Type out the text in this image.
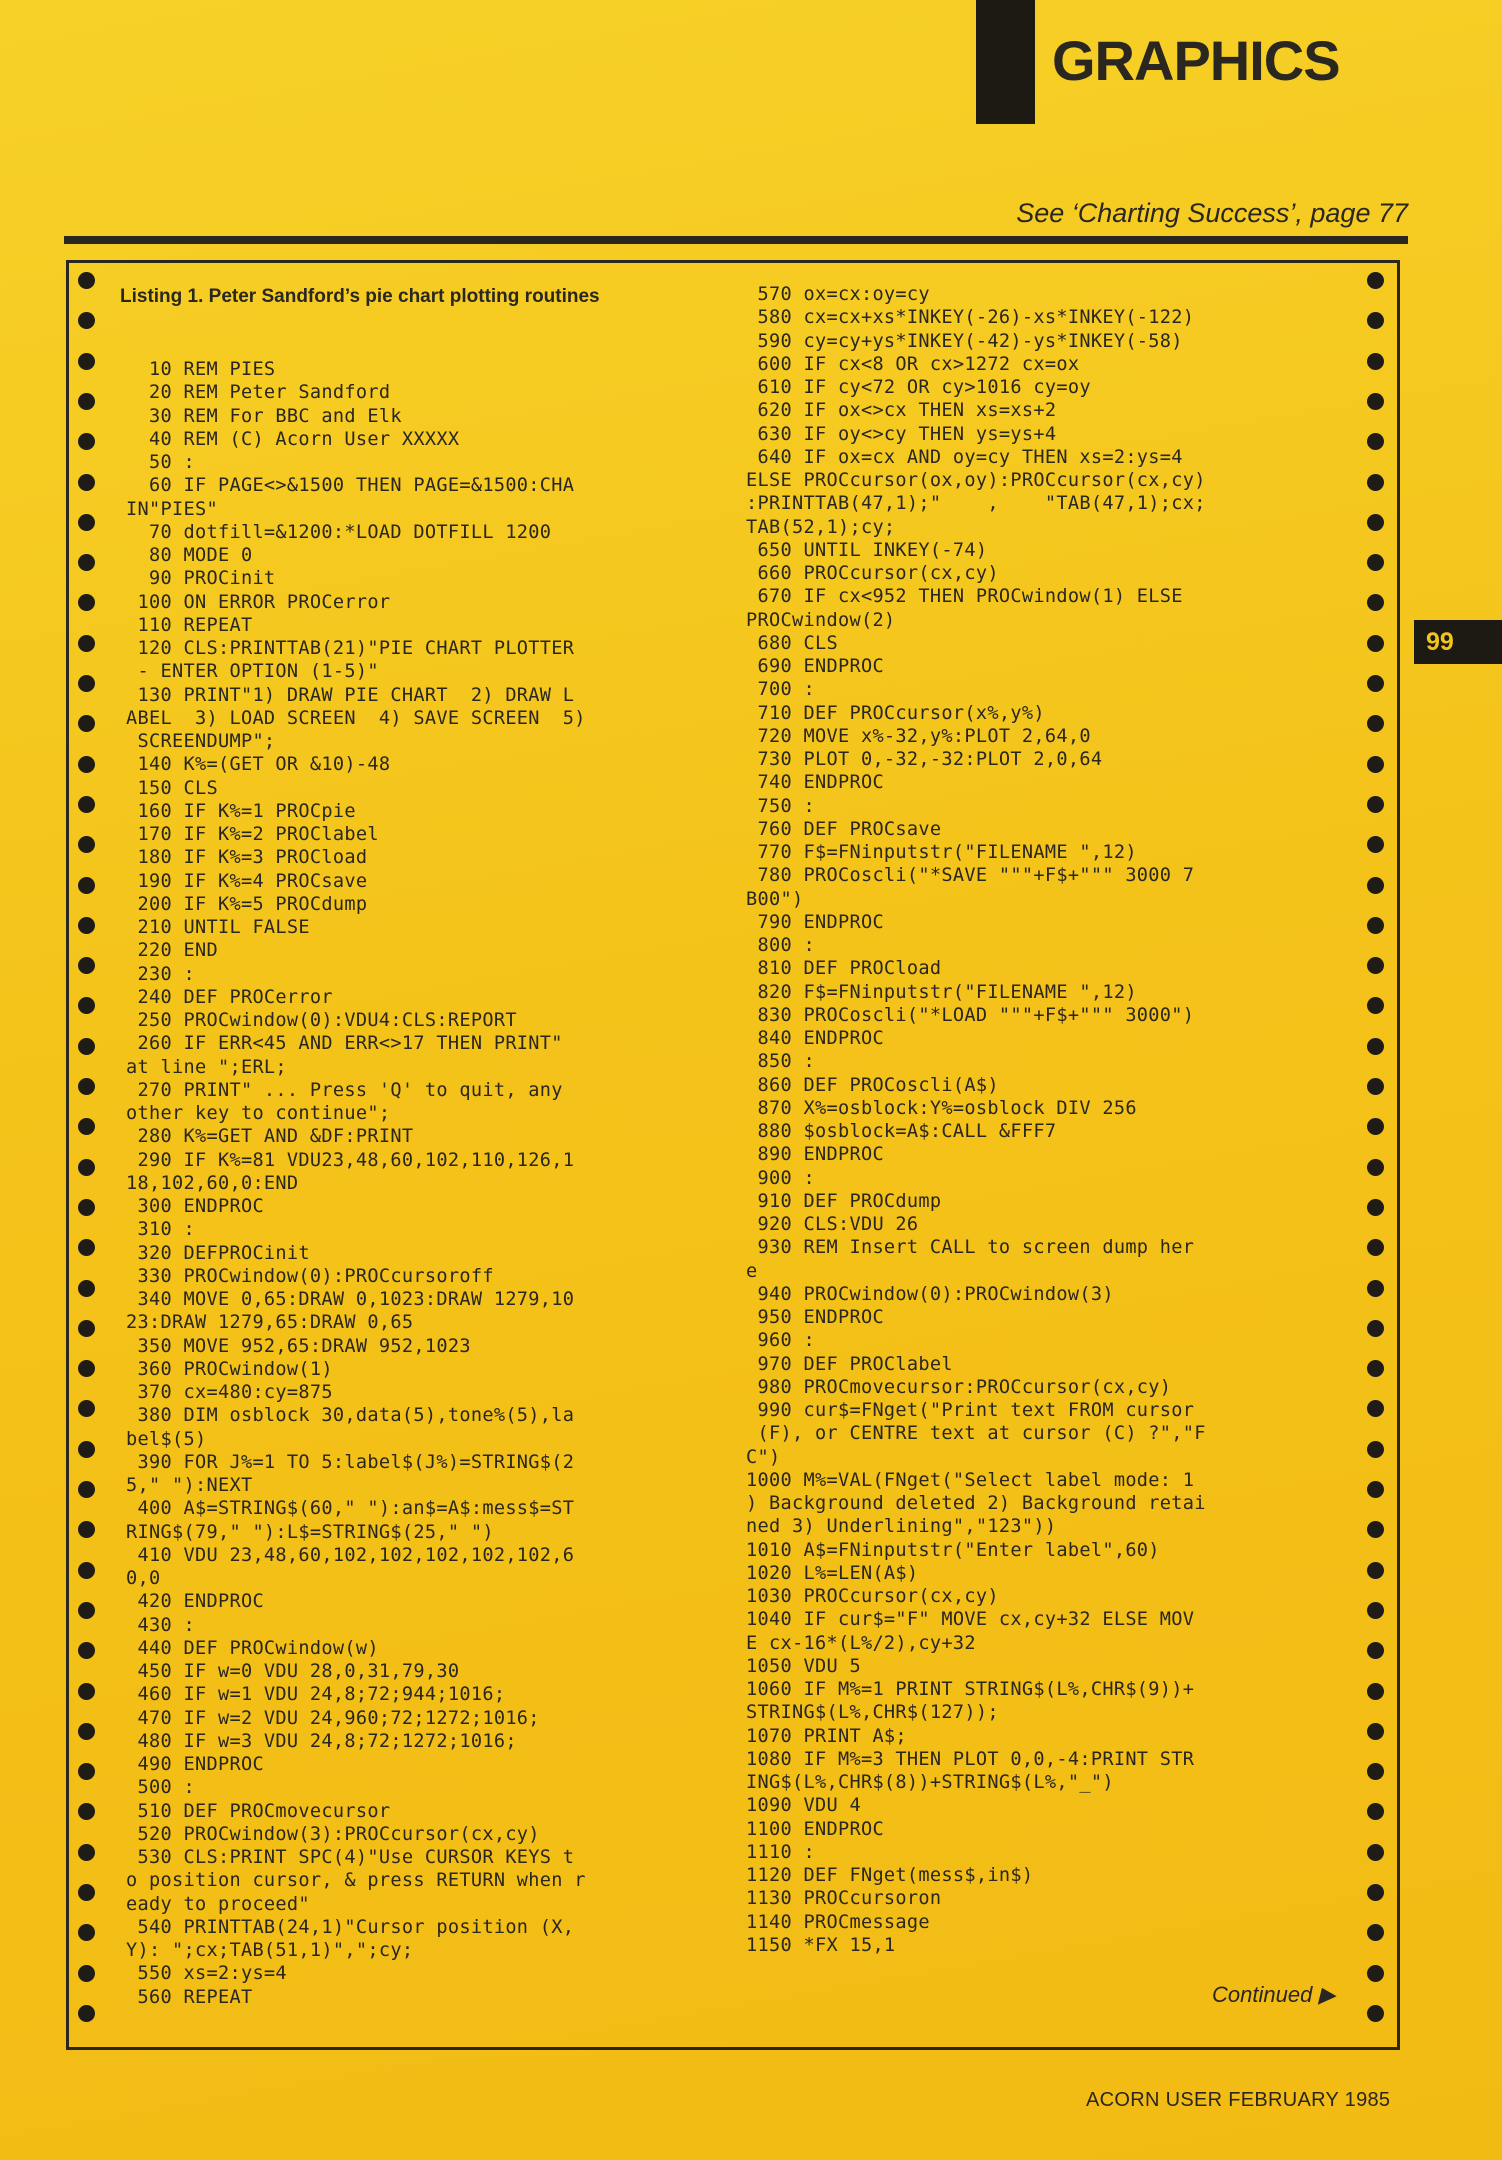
GRAPHICS
See ‘Charting Success’, page 77
99
Listing 1. Peter Sandford’s pie chart plotting routines
10 REM PIES
20 REM Peter Sandford
30 REM For BBC and Elk
40 REM (C) Acorn User XXXXX
50 :
60 IF PAGE<>&1500 THEN PAGE=&1500:CHA
IN"PIES"
70 dotfill=&1200:*LOAD DOTFILL 1200
80 MODE 0
90 PROCinit
100 ON ERROR PROCerror
110 REPEAT
120 CLS:PRINTTAB(21)"PIE CHART PLOTTER
- ENTER OPTION (1-5)"
130 PRINT"1) DRAW PIE CHART  2) DRAW L
ABEL  3) LOAD SCREEN  4) SAVE SCREEN  5)
SCREENDUMP";
140 K%=(GET OR &10)-48
150 CLS
160 IF K%=1 PROCpie
170 IF K%=2 PROClabel
180 IF K%=3 PROCload
190 IF K%=4 PROCsave
200 IF K%=5 PROCdump
210 UNTIL FALSE
220 END
230 :
240 DEF PROCerror
250 PROCwindow(0):VDU4:CLS:REPORT
260 IF ERR<45 AND ERR<>17 THEN PRINT"
at line ";ERL;
270 PRINT" ... Press 'Q' to quit, any
other key to continue";
280 K%=GET AND &DF:PRINT
290 IF K%=81 VDU23,48,60,102,110,126,1
18,102,60,0:END
300 ENDPROC
310 :
320 DEFPROCinit
330 PROCwindow(0):PROCcursoroff
340 MOVE 0,65:DRAW 0,1023:DRAW 1279,10
23:DRAW 1279,65:DRAW 0,65
350 MOVE 952,65:DRAW 952,1023
360 PROCwindow(1)
370 cx=480:cy=875
380 DIM osblock 30,data(5),tone%(5),la
bel$(5)
390 FOR J%=1 TO 5:label$(J%)=STRING$(2
5," "):NEXT
400 A$=STRING$(60," "):an$=A$:mess$=ST
RING$(79," "):L$=STRING$(25," ")
410 VDU 23,48,60,102,102,102,102,102,6
0,0
420 ENDPROC
430 :
440 DEF PROCwindow(w)
450 IF w=0 VDU 28,0,31,79,30
460 IF w=1 VDU 24,8;72;944;1016;
470 IF w=2 VDU 24,960;72;1272;1016;
480 IF w=3 VDU 24,8;72;1272;1016;
490 ENDPROC
500 :
510 DEF PROCmovecursor
520 PROCwindow(3):PROCcursor(cx,cy)
530 CLS:PRINT SPC(4)"Use CURSOR KEYS t
o position cursor, & press RETURN when r
eady to proceed"
540 PRINTTAB(24,1)"Cursor position (X,
Y): ";cx;TAB(51,1)",";cy;
550 xs=2:ys=4
560 REPEAT
570 ox=cx:oy=cy
580 cx=cx+xs*INKEY(-26)-xs*INKEY(-122)
590 cy=cy+ys*INKEY(-42)-ys*INKEY(-58)
600 IF cx<8 OR cx>1272 cx=ox
610 IF cy<72 OR cy>1016 cy=oy
620 IF ox<>cx THEN xs=xs+2
630 IF oy<>cy THEN ys=ys+4
640 IF ox=cx AND oy=cy THEN xs=2:ys=4
ELSE PROCcursor(ox,oy):PROCcursor(cx,cy)
:PRINTTAB(47,1);"    ,    "TAB(47,1);cx;
TAB(52,1);cy;
650 UNTIL INKEY(-74)
660 PROCcursor(cx,cy)
670 IF cx<952 THEN PROCwindow(1) ELSE
PROCwindow(2)
680 CLS
690 ENDPROC
700 :
710 DEF PROCcursor(x%,y%)
720 MOVE x%-32,y%:PLOT 2,64,0
730 PLOT 0,-32,-32:PLOT 2,0,64
740 ENDPROC
750 :
760 DEF PROCsave
770 F$=FNinputstr("FILENAME ",12)
780 PROCoscli("*SAVE """+F$+""" 3000 7
B00")
790 ENDPROC
800 :
810 DEF PROCload
820 F$=FNinputstr("FILENAME ",12)
830 PROCoscli("*LOAD """+F$+""" 3000")
840 ENDPROC
850 :
860 DEF PROCoscli(A$)
870 X%=osblock:Y%=osblock DIV 256
880 $osblock=A$:CALL &FFF7
890 ENDPROC
900 :
910 DEF PROCdump
920 CLS:VDU 26
930 REM Insert CALL to screen dump her
e
940 PROCwindow(0):PROCwindow(3)
950 ENDPROC
960 :
970 DEF PROClabel
980 PROCmovecursor:PROCcursor(cx,cy)
990 cur$=FNget("Print text FROM cursor
(F), or CENTRE text at cursor (C) ?","F
C")
1000 M%=VAL(FNget("Select label mode: 1
) Background deleted 2) Background retai
ned 3) Underlining","123"))
1010 A$=FNinputstr("Enter label",60)
1020 L%=LEN(A$)
1030 PROCcursor(cx,cy)
1040 IF cur$="F" MOVE cx,cy+32 ELSE MOV
E cx-16*(L%/2),cy+32
1050 VDU 5
1060 IF M%=1 PRINT STRING$(L%,CHR$(9))+
STRING$(L%,CHR$(127));
1070 PRINT A$;
1080 IF M%=3 THEN PLOT 0,0,-4:PRINT STR
ING$(L%,CHR$(8))+STRING$(L%,"_")
1090 VDU 4
1100 ENDPROC
1110 :
1120 DEF FNget(mess$,in$)
1130 PROCcursoron
1140 PROCmessage
1150 *FX 15,1
Continued ▶
ACORN USER FEBRUARY 1985
